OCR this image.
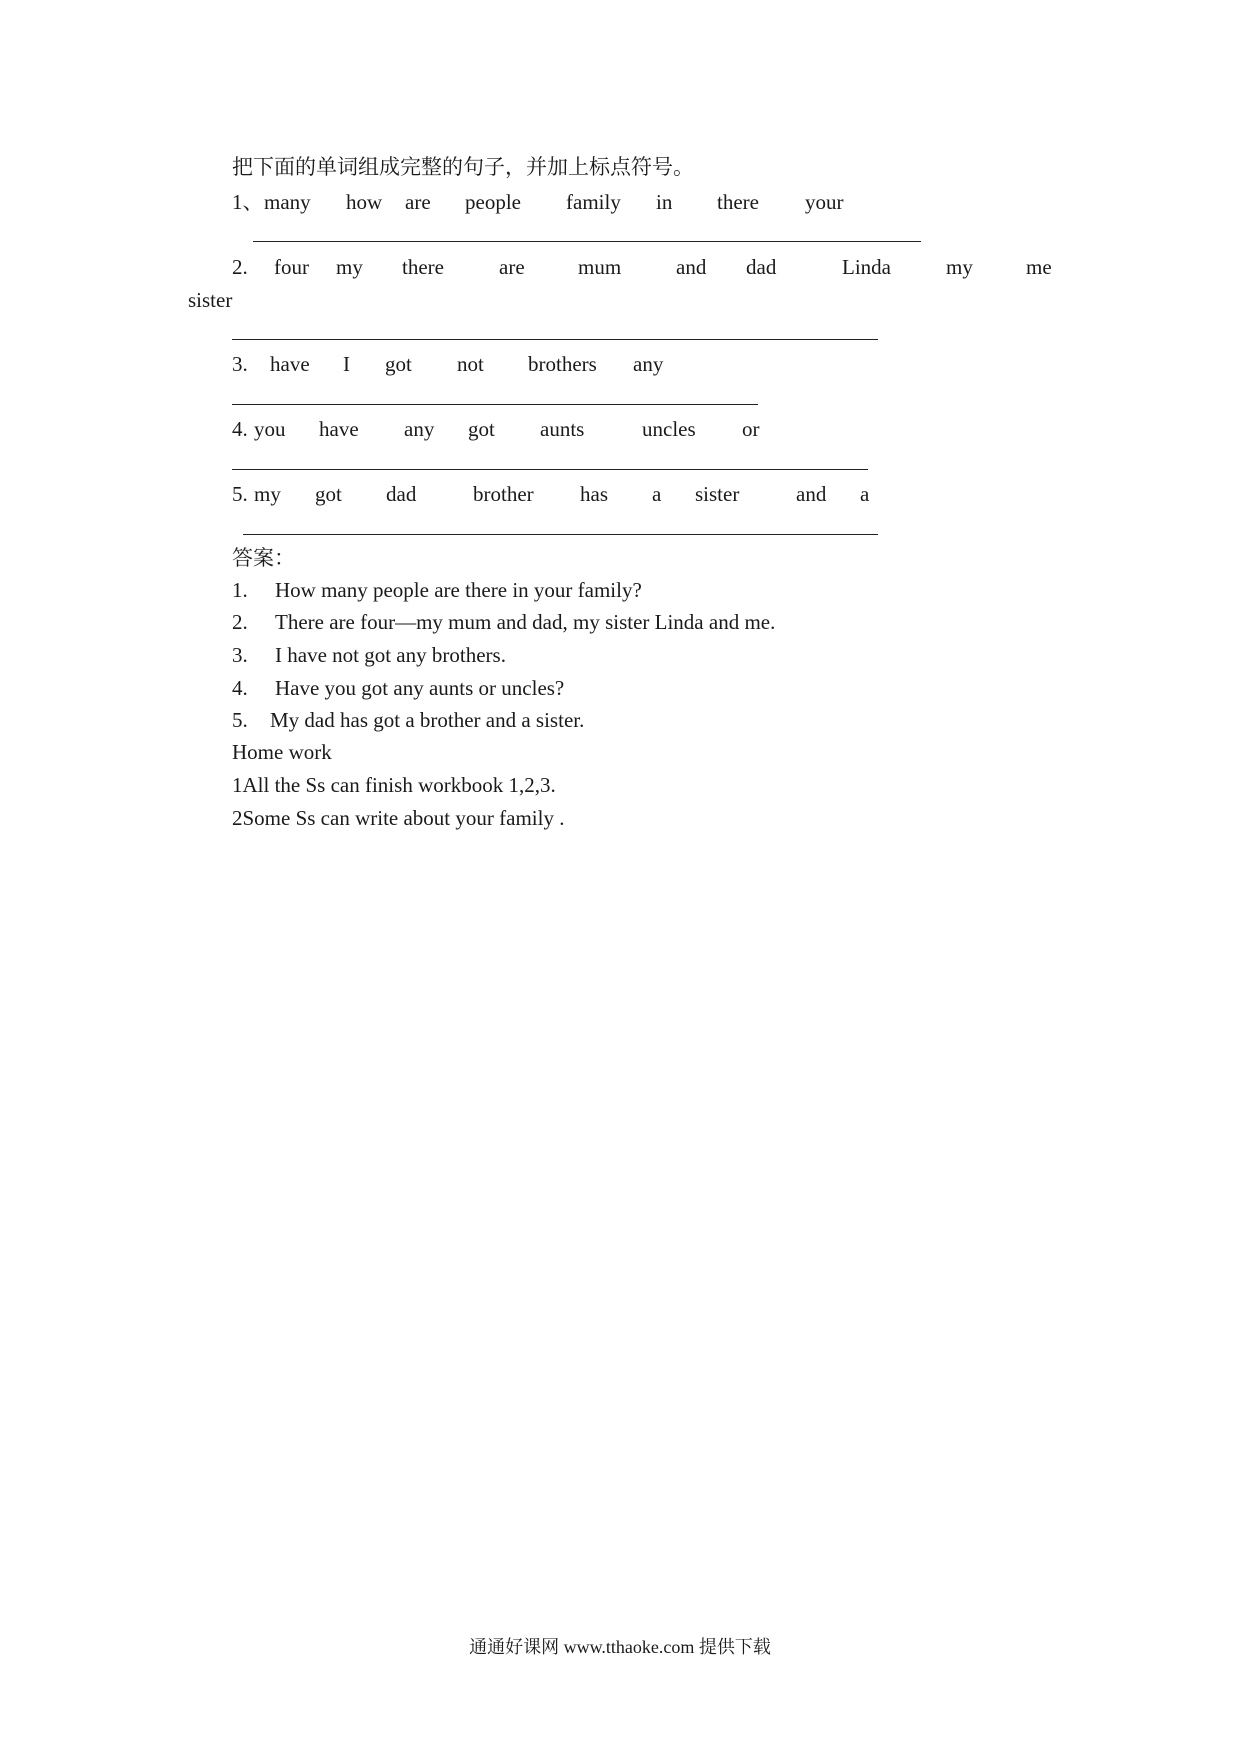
把下面的单词组成完整的句子，并加上标点符号。
1、 many how are people family in there your
2. four my there	are	mum	and dad	Linda	my	me
sister
3. have I got not brothers any
4. you have any got aunts	uncles or
5. my got dad	brother has a sister	and a
答案：
1. How many people are there in your family?
2. There are four—my mum and dad, my sister Linda and me.
3. I have not got any brothers.
4. Have you got any aunts or uncles?
5. My dad has got a brother and a sister.
Home work
1All the Ss can finish workbook 1,2,3.
2Some Ss can write about your family .
通通好课网 www.tthaoke.com 提供下载
